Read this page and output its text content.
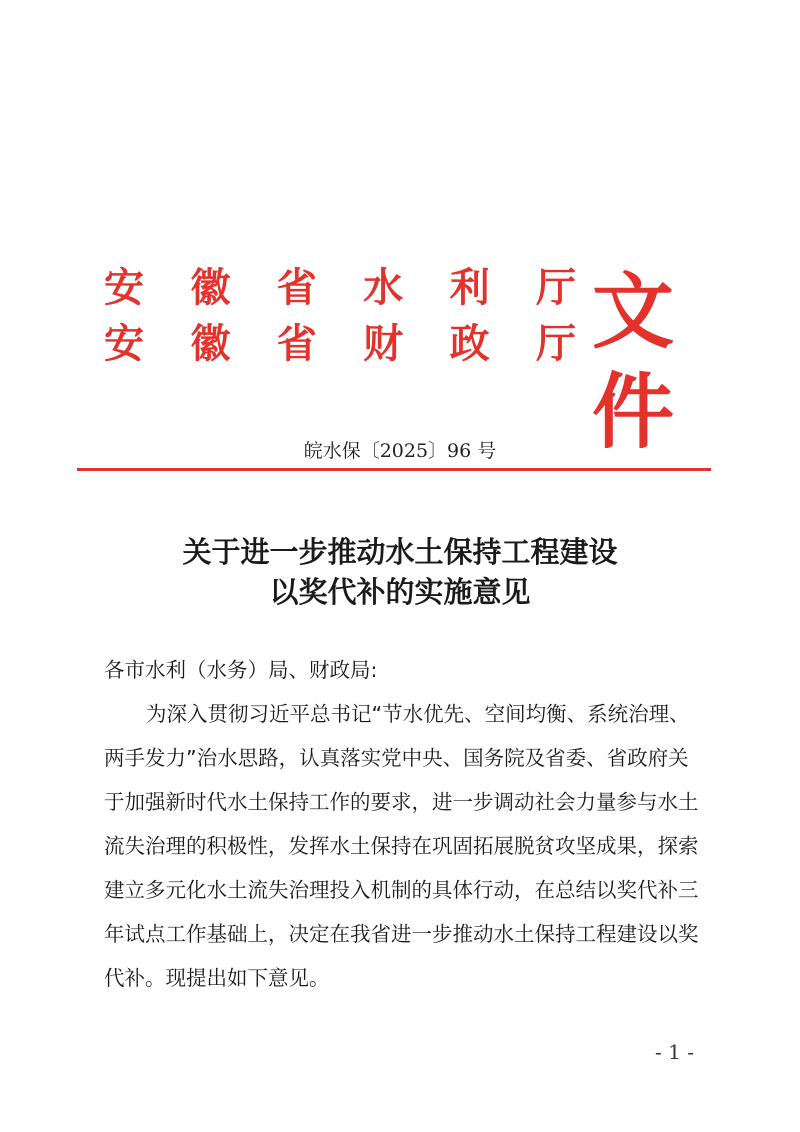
安 徽 省 水 利 厅
安 徽 省 财 政 厅 文件
皖水保〔2025〕96 号
关于进一步推动水土保持工程建设
以奖代补的实施意见
各市水利（水务）局、财政局:
为深入贯彻习近平总书记“节水优先、空间均衡、系统治理、
两手发力”治水思路，认真落实党中央、国务院及省委、省政府关
于加强新时代水土保持工作的要求，进一步调动社会力量参与水土
流失治理的积极性，发挥水土保持在巩固拓展脱贫攻坚成果，探索
建立多元化水土流失治理投入机制的具体行动，在总结以奖代补三
年试点工作基础上，决定在我省进一步推动水土保持工程建设以奖
代补。现提出如下意见。
- 1 -
